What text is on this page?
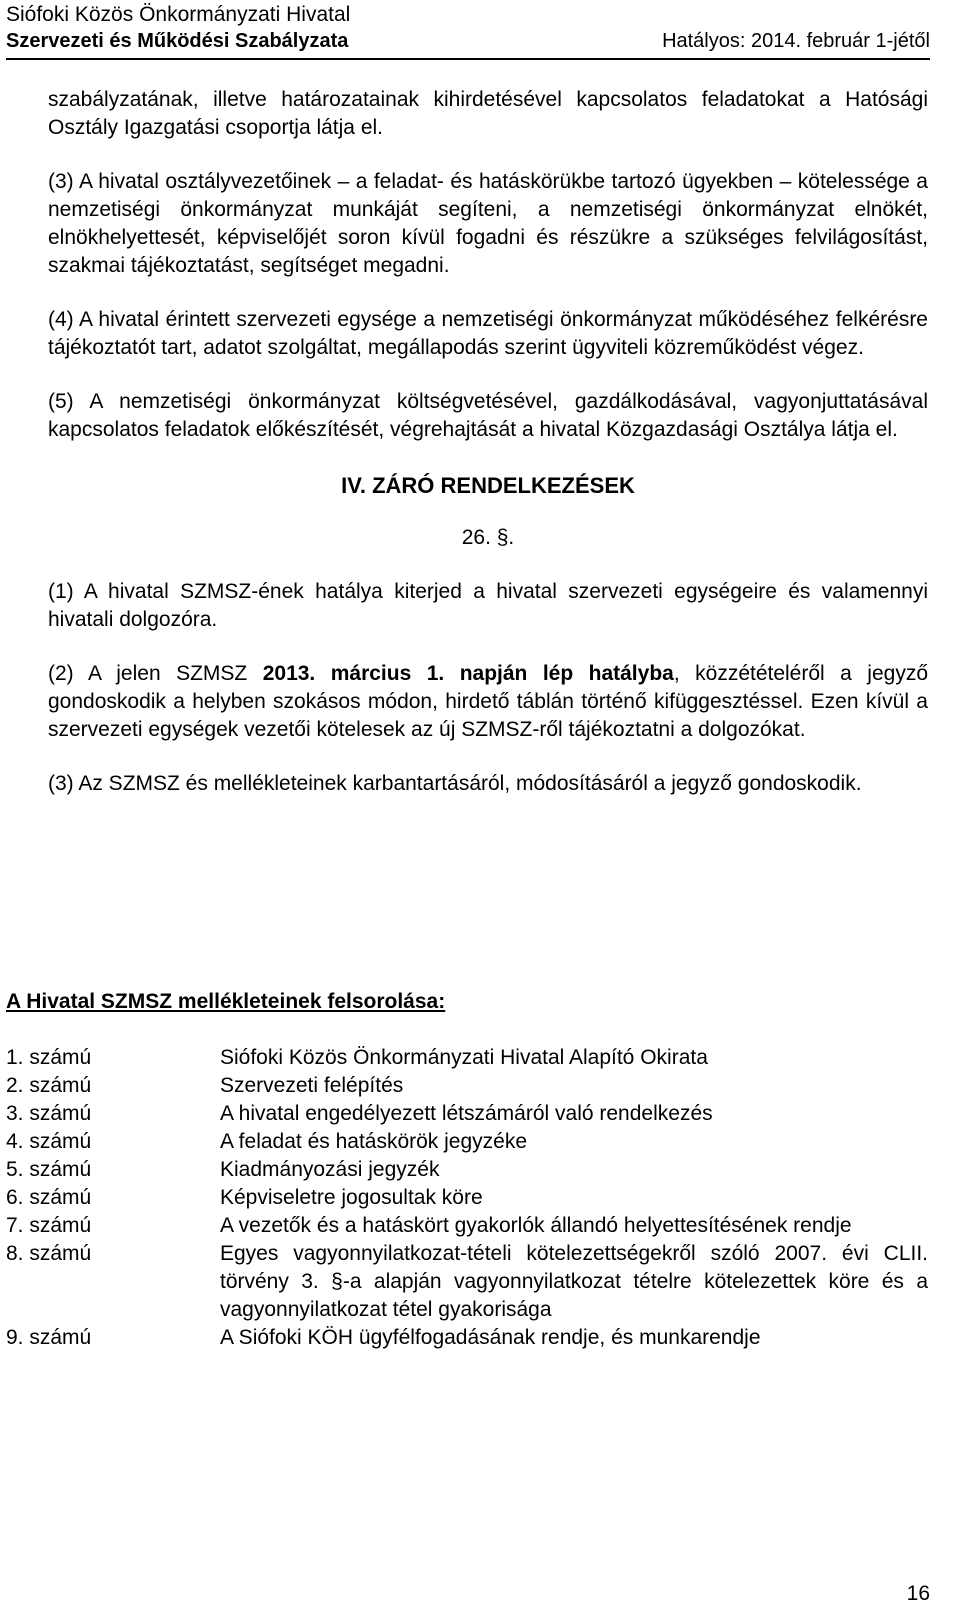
Siófoki Közös Önkormányzati Hivatal
Szervezeti és Működési Szabályzata	Hatályos: 2014. február 1-jétől

szabályzatának, illetve határozatainak kihirdetésével kapcsolatos feladatokat a Hatósági Osztály Igazgatási csoportja látja el.

(3) A hivatal osztályvezetőinek – a feladat- és hatáskörükbe tartozó ügyekben – kötelessége a nemzetiségi önkormányzat munkáját segíteni, a nemzetiségi önkormányzat elnökét, elnökhelyettesét, képviselőjét soron kívül fogadni és részükre a szükséges felvilágosítást, szakmai tájékoztatást, segítséget megadni.

(4) A hivatal érintett szervezeti egysége a nemzetiségi önkormányzat működéséhez felkérésre tájékoztatót tart, adatot szolgáltat, megállapodás szerint ügyviteli közreműködést végez.

(5) A nemzetiségi önkormányzat költségvetésével, gazdálkodásával, vagyonjuttatásával kapcsolatos feladatok előkészítését, végrehajtását a hivatal Közgazdasági Osztálya látja el.

IV. ZÁRÓ RENDELKEZÉSEK
26. §.

(1) A hivatal SZMSZ-ének hatálya kiterjed a hivatal szervezeti egységeire és valamennyi hivatali dolgozóra.

(2) A jelen SZMSZ 2013. március 1. napján lép hatályba, közzétételéről a jegyző gondoskodik a helyben szokásos módon, hirdető táblán történő kifüggesztéssel. Ezen kívül a szervezeti egységek vezetői kötelesek az új SZMSZ-ről tájékoztatni a dolgozókat.

(3) Az SZMSZ és mellékleteinek karbantartásáról, módosításáról a jegyző gondoskodik.

A Hivatal SZMSZ mellékleteinek felsorolása:
1. számú	Siófoki Közös Önkormányzati Hivatal Alapító Okirata
2. számú	Szervezeti felépítés
3. számú	A hivatal engedélyezett létszámáról való rendelkezés
4. számú	A feladat és hatáskörök jegyzéke
5. számú	Kiadmányozási jegyzék
6. számú	Képviseletre jogosultak köre
7. számú	A vezetők és a hatáskört gyakorlók állandó helyettesítésének rendje
8. számú	Egyes vagyonnyilatkozat-tételi kötelezettségekről szóló 2007. évi CLII. törvény 3. §-a alapján vagyonnyilatkozat tételre kötelezettek köre és a vagyonnyilatkozat tétel gyakorisága
9. számú	A Siófoki KÖH ügyfélfogadásának rendje, és munkarendje
16
